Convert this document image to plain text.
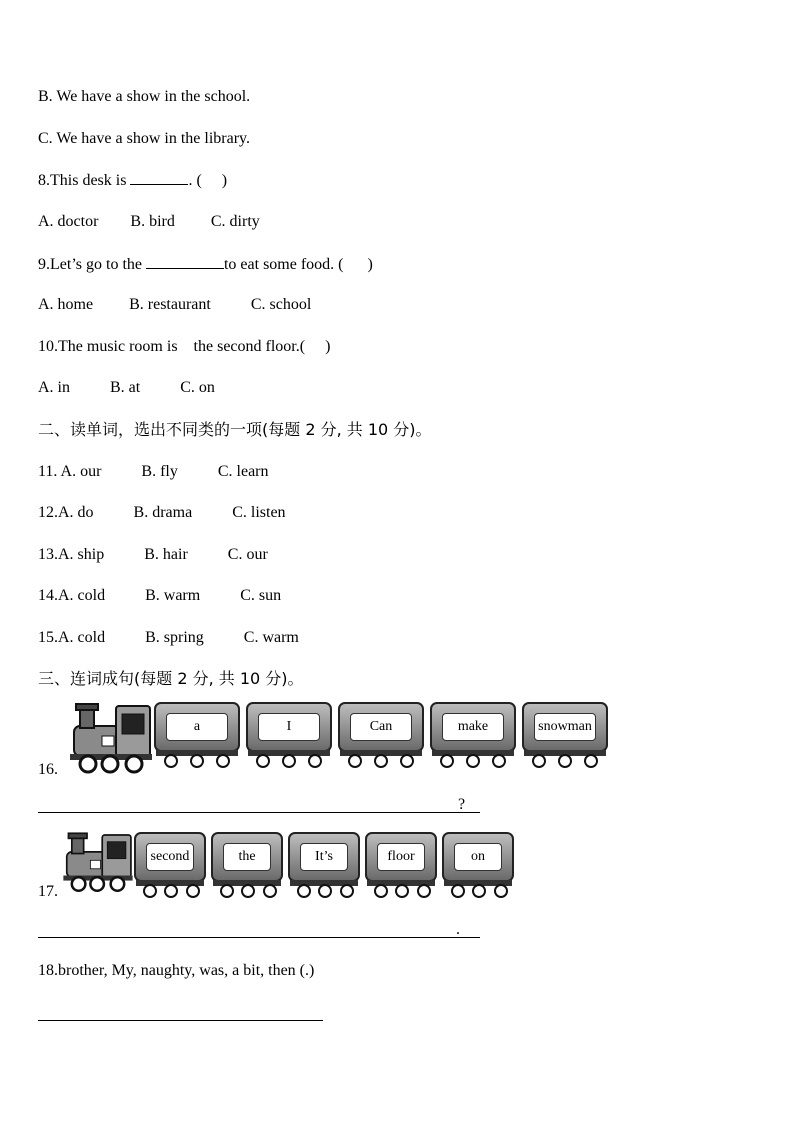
B. We have a show in the school.
C. We have a show in the library.
8.This desk is	. (     )
A. doctor        B. bird         C. dirty
9.Let’s go to the	to eat some food. (      )
A. home         B. restaurant          C. school
10.The music room is    the second floor.(     )
A. in          B. at          C. on
二、读单词，选出不同类的一项(每题 2 分, 共 10 分)。
11. A. our          B. fly          C. learn
12.A. do          B. drama          C. listen
13.A. ship          B. hair          C. our
14.A. cold          B. warm          C. sun
15.A. cold          B. spring          C. warm
三、连词成句(每题 2 分, 共 10 分)。
16.
a	I	Can	make	snowman
?
17.
second	the	It’s	floor	on
.
18.brother, My, naughty, was, a bit, then (.)
